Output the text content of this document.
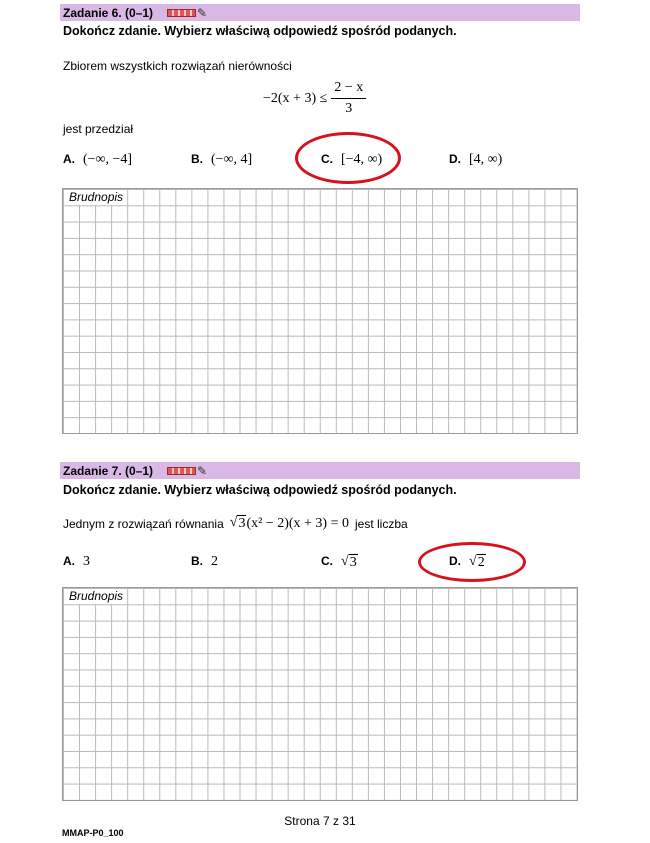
Zadanie 6. (0–1)	✎
Dokończ zdanie. Wybierz właściwą odpowiedź spośród podanych.
Zbiorem wszystkich rozwiązań nierówności
$-2(x + 3) \le \frac{2 - x}{3}$
jest przedział
A. (−∞, −4]	B. (−∞, 4]	C. [−4, ∞)	D. [4, ∞)
Brudnopis
Zadanie 7. (0–1)	✎
Dokończ zdanie. Wybierz właściwą odpowiedź spośród podanych.
Jednym z rozwiązań równania √ 3 (x² − 2)(x + 3) = 0 jest liczba
A. 3	B. 2	C. √ 3	D. √ 2
Brudnopis
Strona 7 z 31
MMAP-P0_100
